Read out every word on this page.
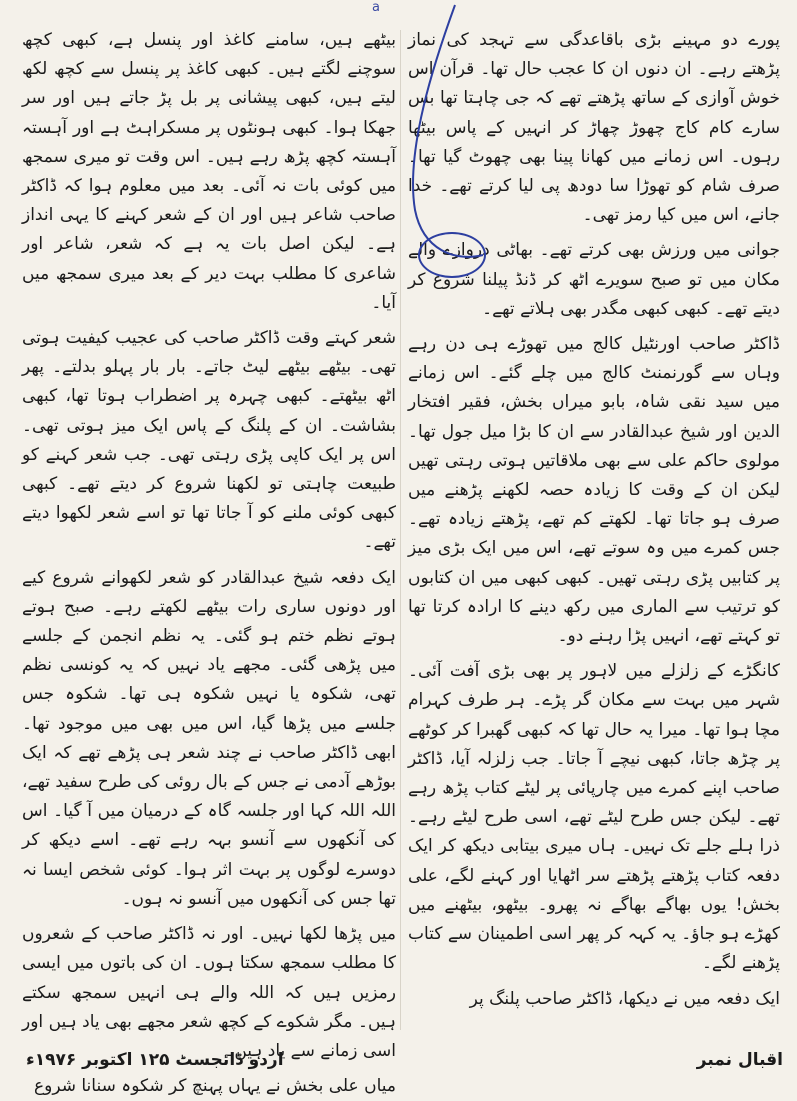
a

پورے دو مہینے بڑی باقاعدگی سے تہجد کی نماز پڑھتے رہے۔ ان دنوں ان کا عجب حال تھا۔ قرآن اس خوش آوازی کے ساتھ پڑھتے تھے کہ جی چاہتا تھا بس سارے کام کاج چھوڑ چھاڑ کر انہیں کے پاس بیٹھا رہوں۔ اس زمانے میں کھانا پینا بھی چھوٹ گیا تھا۔ صرف شام کو تھوڑا سا دودھ پی لیا کرتے تھے۔ خدا جانے، اس میں کیا رمز تھی۔

جوانی میں ورزش بھی کرتے تھے۔ بھاٹی دروازے والے مکان میں تو صبح سویرے اٹھ کر ڈنڈ پیلنا شروع کر دیتے تھے۔ کبھی کبھی مگدر بھی ہلاتے تھے۔

ڈاکٹر صاحب اورنٹیل کالج میں تھوڑے ہی دن رہے وہاں سے گورنمنٹ کالج میں چلے گئے۔ اس زمانے میں سید نقی شاہ، بابو میراں بخش، فقیر افتخار الدین اور شیخ عبدالقادر سے ان کا بڑا میل جول تھا۔ مولوی حاکم علی سے بھی ملاقاتیں ہوتی رہتی تھیں لیکن ان کے وقت کا زیادہ حصہ لکھنے پڑھنے میں صرف ہو جاتا تھا۔ لکھتے کم تھے، پڑھتے زیادہ تھے۔ جس کمرے میں وہ سوتے تھے، اس میں ایک بڑی میز پر کتابیں پڑی رہتی تھیں۔ کبھی کبھی میں ان کتابوں کو ترتیب سے الماری میں رکھ دینے کا ارادہ کرتا تھا تو کہتے تھے، انہیں پڑا رہنے دو۔

کانگڑے کے زلزلے میں لاہور پر بھی بڑی آفت آئی۔ شہر میں بہت سے مکان گر پڑے۔ ہر طرف کہرام مچا ہوا تھا۔ میرا یہ حال تھا کہ کبھی گھبرا کر کوٹھے پر چڑھ جاتا، کبھی نیچے آ جاتا۔ جب زلزلہ آیا، ڈاکٹر صاحب اپنے کمرے میں چارپائی پر لیٹے کتاب پڑھ رہے تھے۔ لیکن جس طرح لیٹے تھے، اسی طرح لیٹے رہے۔ ذرا ہلے جلے تک نہیں۔ ہاں میری بیتابی دیکھ کر ایک دفعہ کتاب پڑھتے پڑھتے سر اٹھایا اور کہنے لگے، علی بخش! یوں بھاگے بھاگے نہ پھرو۔ بیٹھو، بیٹھنے میں کھڑے ہو جاؤ۔ یہ کہہ کر پھر اسی اطمینان سے کتاب پڑھنے لگے۔

ایک دفعہ میں نے دیکھا، ڈاکٹر صاحب پلنگ پر

بیٹھے ہیں، سامنے کاغذ اور پنسل ہے، کبھی کچھ سوچنے لگتے ہیں۔ کبھی کاغذ پر پنسل سے کچھ لکھ لیتے ہیں، کبھی پیشانی پر بل پڑ جاتے ہیں اور سر جھکا ہوا۔ کبھی ہونٹوں پر مسکراہٹ ہے اور آہستہ آہستہ کچھ پڑھ رہے ہیں۔ اس وقت تو میری سمجھ میں کوئی بات نہ آئی۔ بعد میں معلوم ہوا کہ ڈاکٹر صاحب شاعر ہیں اور ان کے شعر کہنے کا یہی انداز ہے۔ لیکن اصل بات یہ ہے کہ شعر، شاعر اور شاعری کا مطلب بہت دیر کے بعد میری سمجھ میں آیا۔

شعر کہتے وقت ڈاکٹر صاحب کی عجیب کیفیت ہوتی تھی۔ بیٹھے بیٹھے لیٹ جاتے۔ بار بار پہلو بدلتے۔ پھر اٹھ بیٹھتے۔ کبھی چہرہ پر اضطراب ہوتا تھا، کبھی بشاشت۔ ان کے پلنگ کے پاس ایک میز ہوتی تھی۔ اس پر ایک کاپی پڑی رہتی تھی۔ جب شعر کہنے کو طبیعت چاہتی تو لکھنا شروع کر دیتے تھے۔ کبھی کبھی کوئی ملنے کو آ جاتا تھا تو اسے شعر لکھوا دیتے تھے۔

ایک دفعہ شیخ عبدالقادر کو شعر لکھوانے شروع کیے اور دونوں ساری رات بیٹھے لکھتے رہے۔ صبح ہوتے ہوتے نظم ختم ہو گئی۔ یہ نظم انجمن کے جلسے میں پڑھی گئی۔ مجھے یاد نہیں کہ یہ کونسی نظم تھی، شکوہ یا نہیں شکوہ ہی تھا۔ شکوہ جس جلسے میں پڑھا گیا، اس میں بھی میں موجود تھا۔ ابھی ڈاکٹر صاحب نے چند شعر ہی پڑھے تھے کہ ایک بوڑھے آدمی نے جس کے بال روئی کی طرح سفید تھے، اللہ اللہ کہا اور جلسہ گاہ کے درمیان میں آ گیا۔ اس کی آنکھوں سے آنسو بہہ رہے تھے۔ اسے دیکھ کر دوسرے لوگوں پر بہت اثر ہوا۔ کوئی شخص ایسا نہ تھا جس کی آنکھوں میں آنسو نہ ہوں۔

میں پڑھا لکھا نہیں۔ اور نہ ڈاکٹر صاحب کے شعروں کا مطلب سمجھ سکتا ہوں۔ ان کی باتوں میں ایسی رمزیں ہیں کہ اللہ والے ہی انہیں سمجھ سکتے ہیں۔ مگر شکوے کے کچھ شعر مجھے بھی یاد ہیں اور اسی زمانے سے یاد ہیں۔

میاں علی بخش نے یہاں پہنچ کر شکوہ سنانا شروع

اقبال نمبر
اردو ڈائجسٹ ۱۲۵ اکتوبر ۱۹۷۶ء
